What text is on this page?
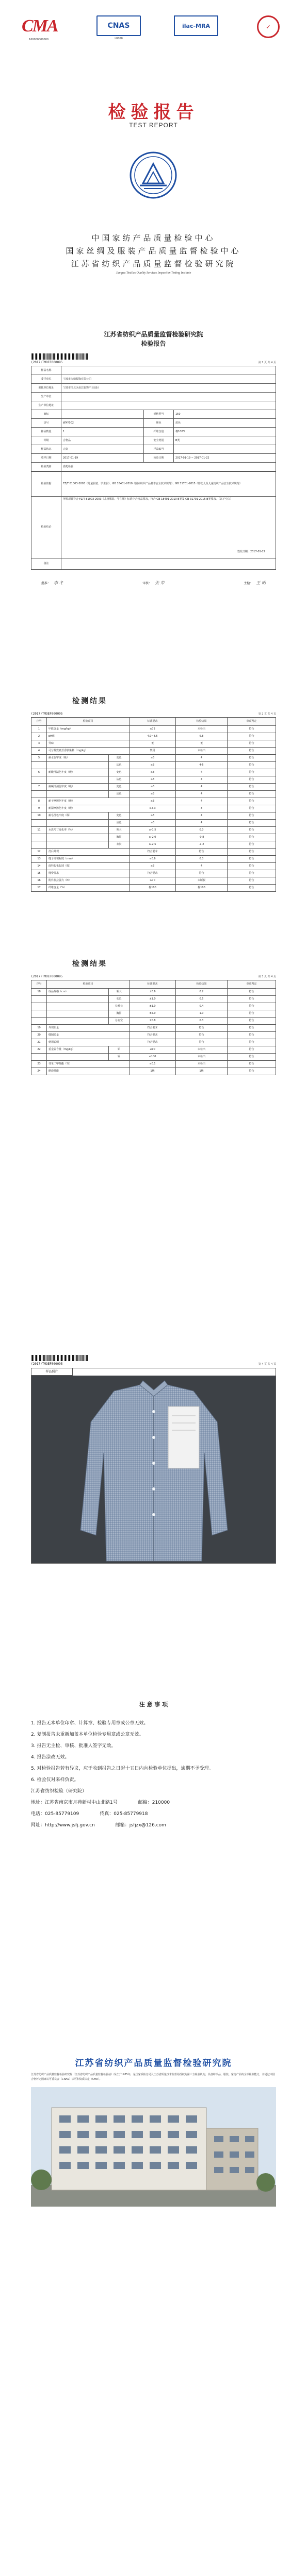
CMA
160000000000
CNAS
L0000
ilac-MRA	✓
检验报告
TEST REPORT
中国家纺产品质量检验中心
国家丝绸及服装产品质量监督检验中心
江苏省纺织产品质量监督检验研究院
Jiangsu Textiles Quality Services Inspection Testing Institute
江苏省纺织产品质量监督检验研究院
检验报告
(2017)TMOEF000095	第 1 页 共 4 页
样品名称			
委托单位	宁波市永鼎服饰有限公司		
委托单位地址	宁波市江北区甬江服饰产业园区		
生产单位			
生产单位地址			
商标		规格型号	150
货号	WXY002	颜色	蓝色
样品数量	1	纤维含量	棉100%
等级	合格品	安全类别	B类
样品状态	完好	样品编号	
收样日期	2017-01-19	检验日期	2017-01-19 ~ 2017-01-22
检验类别	委托检验		
检验依据	FZ/T 81003-2003《儿童服装、学生服》、GB 18401-2010《国家纺织产品基本安全技术规范》、GB 31701-2015《婴幼儿及儿童纺织产品安全技术规范》
检验结论	所检项目符合 FZ/T 81003-2003《儿童服装、学生服》标准中合格品要求，符合 GB 18401-2010 B类及 GB 31701-2015 B类要求。（以下空白）
签发日期：2017-01-22

备注	
批准： 李 冬	审核： 张 荣	主检： 王 明
检测结果
(2017)TMOEF000095	第 2 页 共 4 页
序号	检验项目		标准要求	检验结果	单项判定
1	甲醛含量（mg/kg）		≤75	未检出	符合
2	pH值		4.0~8.5	6.8	符合
3	异味		无	无	符合
4	可分解致癌芳香胺染料（mg/kg）		禁用	未检出	符合
5	耐水色牢度（级）	变色	≥3	4	符合
		沾色	≥3	4-5	符合
6	耐酸汗渍色牢度（级）	变色	≥3	4	符合
		沾色	≥3	4	符合
7	耐碱汗渍色牢度（级）	变色	≥3	4	符合
		沾色	≥3	4	符合
8	耐干摩擦色牢度（级）		≥3	4	符合
9	耐湿摩擦色牢度（级）		≥2-3	3	符合
10	耐皂洗色牢度（级）	变色	≥3	4	符合
		沾色	≥3	4	符合
11	水洗尺寸变化率（%）	领大	≥-1.5	0.0	符合
		胸围	≥-2.0	-0.8	符合
		衣长	≥-2.5	-1.2	符合
12	洗后外观		符合要求	符合	符合
13	缝子纰裂程度（mm）		≤0.6	0.3	符合
14	面料起毛起球（级）		≥3	4	符合
15	绳带要求		符合要求	符合	符合
16	附件抗拉强力（N）		≥70	未断裂	符合
17	纤维含量（%）		棉100	棉100	符合
检测结果
(2017)TMOEF000095	第 3 页 共 4 页
序号	检验项目		标准要求	检验结果	单项判定
18	成品规格（cm）	领大	±0.6	0.2	符合
		衣长	±1.0	0.5	符合
		长袖长	±1.0	0.4	符合
		胸围	±2.0	1.0	符合
		总肩宽	±0.8	0.3	符合
19	外观质量		符合要求	符合	符合
20	缝制质量		符合要求	符合	符合
21	使用说明		符合要求	符合	符合
22	重金属含量（mg/kg）	铅	≤90	未检出	符合
		镉	≤100	未检出	符合
23	邻苯二甲酸酯（%）		≤0.1	未检出	符合
24	燃烧性能		1级	1级	符合
(2017)TMOEF000095	第 4 页 共 4 页
样品照片
注 意 事 项
1. 报告无本单位印章、计算章、检验专用章或公章无效。
2. 复制报告未重新加盖本单位检验专用章或公章无效。
3. 报告无主检、审核、批准人签字无效。
4. 报告涂改无效。
5. 对检验报告若有异议，应于收到报告之日起十五日内向检验单位提出，逾期不予受理。
6. 检验仅对来样负责。
江苏省纺织检验（研究院）
地址：江苏省南京市月苑新村中山北路1号	邮编：210000
电话：025-85779109	传真：025-85779918
网址：http://www.jsfj.gov.cn	邮箱：jsfjzx@126.com
江苏省纺织产品质量监督检验研究院
江苏省纺织产品质量监督检验研究院（江苏省纺织产品质量监督检验站）成立于1985年，是国家质检总局及江苏省质量技术监督局授权的第三方检验机构，具备纺织品、服装、家纺产品的全项检测能力，并通过中国合格评定国家认可委员会（CNAS）认可和资质认定（CMA）。
